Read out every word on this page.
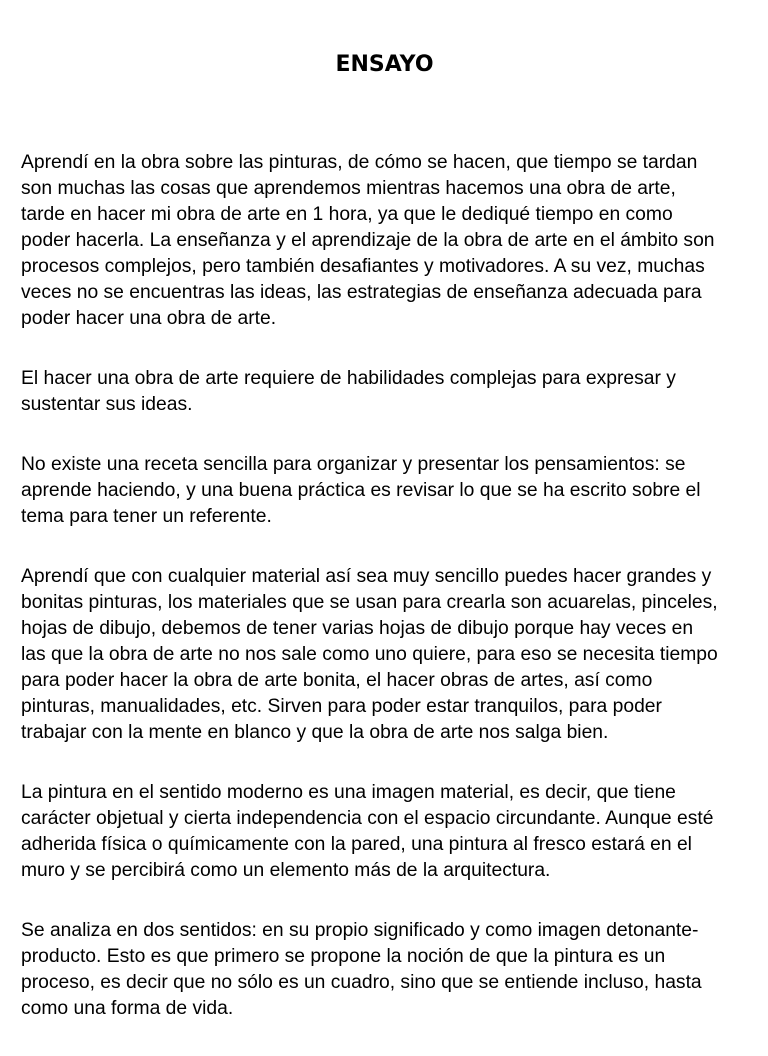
ENSAYO

Aprendí en la obra sobre las pinturas, de cómo se hacen, que tiempo se tardan
son muchas las cosas que aprendemos mientras hacemos una obra de arte,
tarde en hacer mi obra de arte en 1 hora, ya que le dediqué tiempo en como
poder hacerla. La enseñanza y el aprendizaje de la obra de arte en el ámbito son
procesos complejos, pero también desafiantes y motivadores. A su vez, muchas
veces no se encuentras las ideas, las estrategias de enseñanza adecuada para
poder hacer una obra de arte.

El hacer una obra de arte requiere de habilidades complejas para expresar y
sustentar sus ideas.

No existe una receta sencilla para organizar y presentar los pensamientos: se
aprende haciendo, y una buena práctica es revisar lo que se ha escrito sobre el
tema para tener un referente.

Aprendí que con cualquier material así sea muy sencillo puedes hacer grandes y
bonitas pinturas, los materiales que se usan para crearla son acuarelas, pinceles,
hojas de dibujo, debemos de tener varias hojas de dibujo porque hay veces en
las que la obra de arte no nos sale como uno quiere, para eso se necesita tiempo
para poder hacer la obra de arte bonita, el hacer obras de artes, así como
pinturas, manualidades, etc. Sirven para poder estar tranquilos, para poder
trabajar con la mente en blanco y que la obra de arte nos salga bien.

La pintura en el sentido moderno es una imagen material, es decir, que tiene
carácter objetual y cierta independencia con el espacio circundante. Aunque esté
adherida física o químicamente con la pared, una pintura al fresco estará en el
muro y se percibirá como un elemento más de la arquitectura.

Se analiza en dos sentidos: en su propio significado y como imagen detonante-
producto. Esto es que primero se propone la noción de que la pintura es un
proceso, es decir que no sólo es un cuadro, sino que se entiende incluso, hasta
como una forma de vida.
